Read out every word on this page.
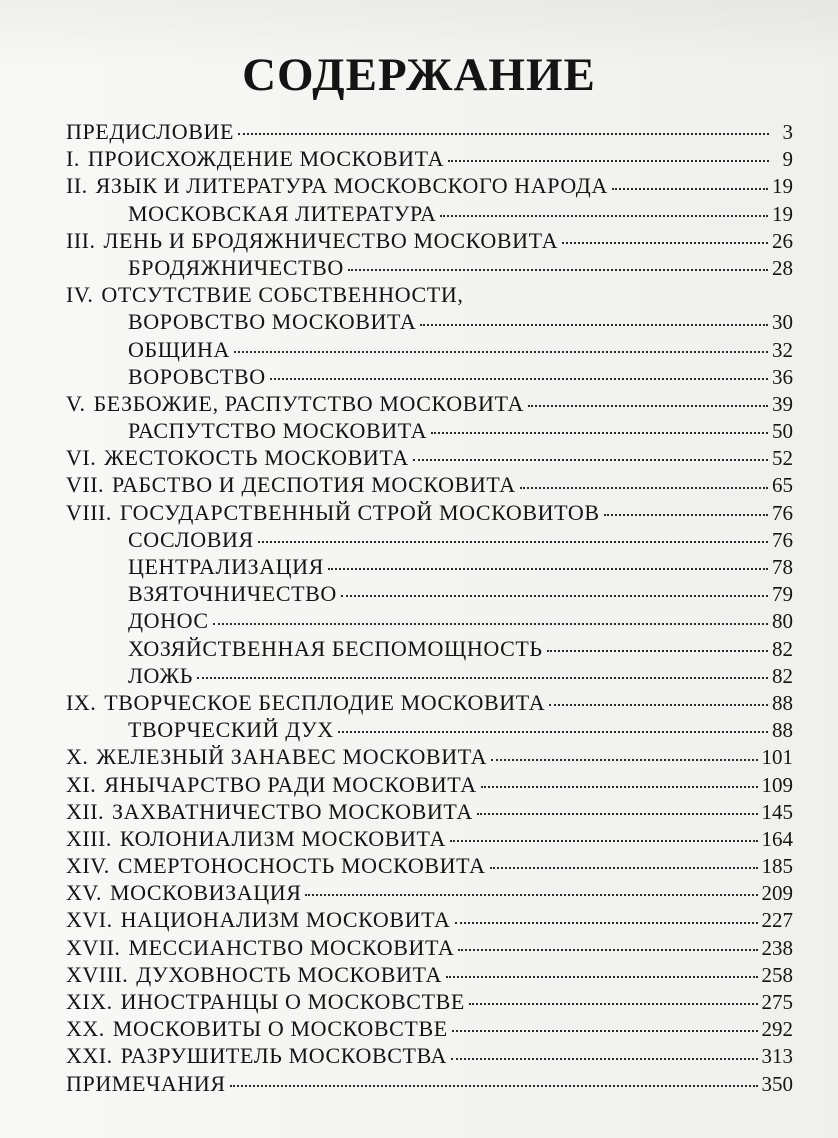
СОДЕРЖАНИЕ
ПРЕДИСЛОВИЕ	3
I. ПРОИСХОЖДЕНИЕ МОСКОВИТА	9
II. ЯЗЫК И ЛИТЕРАТУРА МОСКОВСКОГО НАРОДА	19
МОСКОВСКАЯ ЛИТЕРАТУРА	19
III. ЛЕНЬ И БРОДЯЖНИЧЕСТВО МОСКОВИТА	26
БРОДЯЖНИЧЕСТВО	28
IV. ОТСУТСТВИЕ СОБСТВЕННОСТИ,
ВОРОВСТВО МОСКОВИТА	30
ОБЩИНА	32
ВОРОВСТВО	36
V. БЕЗБОЖИЕ, РАСПУТСТВО МОСКОВИТА	39
РАСПУТСТВО МОСКОВИТА	50
VI. ЖЕСТОКОСТЬ МОСКОВИТА	52
VII. РАБСТВО И ДЕСПОТИЯ МОСКОВИТА	65
VIII. ГОСУДАРСТВЕННЫЙ СТРОЙ МОСКОВИТОВ	76
СОСЛОВИЯ	76
ЦЕНТРАЛИЗАЦИЯ	78
ВЗЯТОЧНИЧЕСТВО	79
ДОНОС	80
ХОЗЯЙСТВЕННАЯ БЕСПОМОЩНОСТЬ	82
ЛОЖЬ	82
IX. ТВОРЧЕСКОЕ БЕСПЛОДИЕ МОСКОВИТА	88
ТВОРЧЕСКИЙ ДУХ	88
X. ЖЕЛЕЗНЫЙ ЗАНАВЕС МОСКОВИТА	101
XI. ЯНЫЧАРСТВО РАДИ МОСКОВИТА	109
XII. ЗАХВАТНИЧЕСТВО МОСКОВИТА	145
XIII. КОЛОНИАЛИЗМ МОСКОВИТА	164
XIV. СМЕРТОНОСНОСТЬ МОСКОВИТА	185
XV. МОСКОВИЗАЦИЯ	209
XVI. НАЦИОНАЛИЗМ МОСКОВИТА	227
XVII. МЕССИАНСТВО МОСКОВИТА	238
XVIII. ДУХОВНОСТЬ МОСКОВИТА	258
XIX. ИНОСТРАНЦЫ О МОСКОВСТВЕ	275
XX. МОСКОВИТЫ О МОСКОВСТВЕ	292
XXI. РАЗРУШИТЕЛЬ МОСКОВСТВА	313
ПРИМЕЧАНИЯ	350
